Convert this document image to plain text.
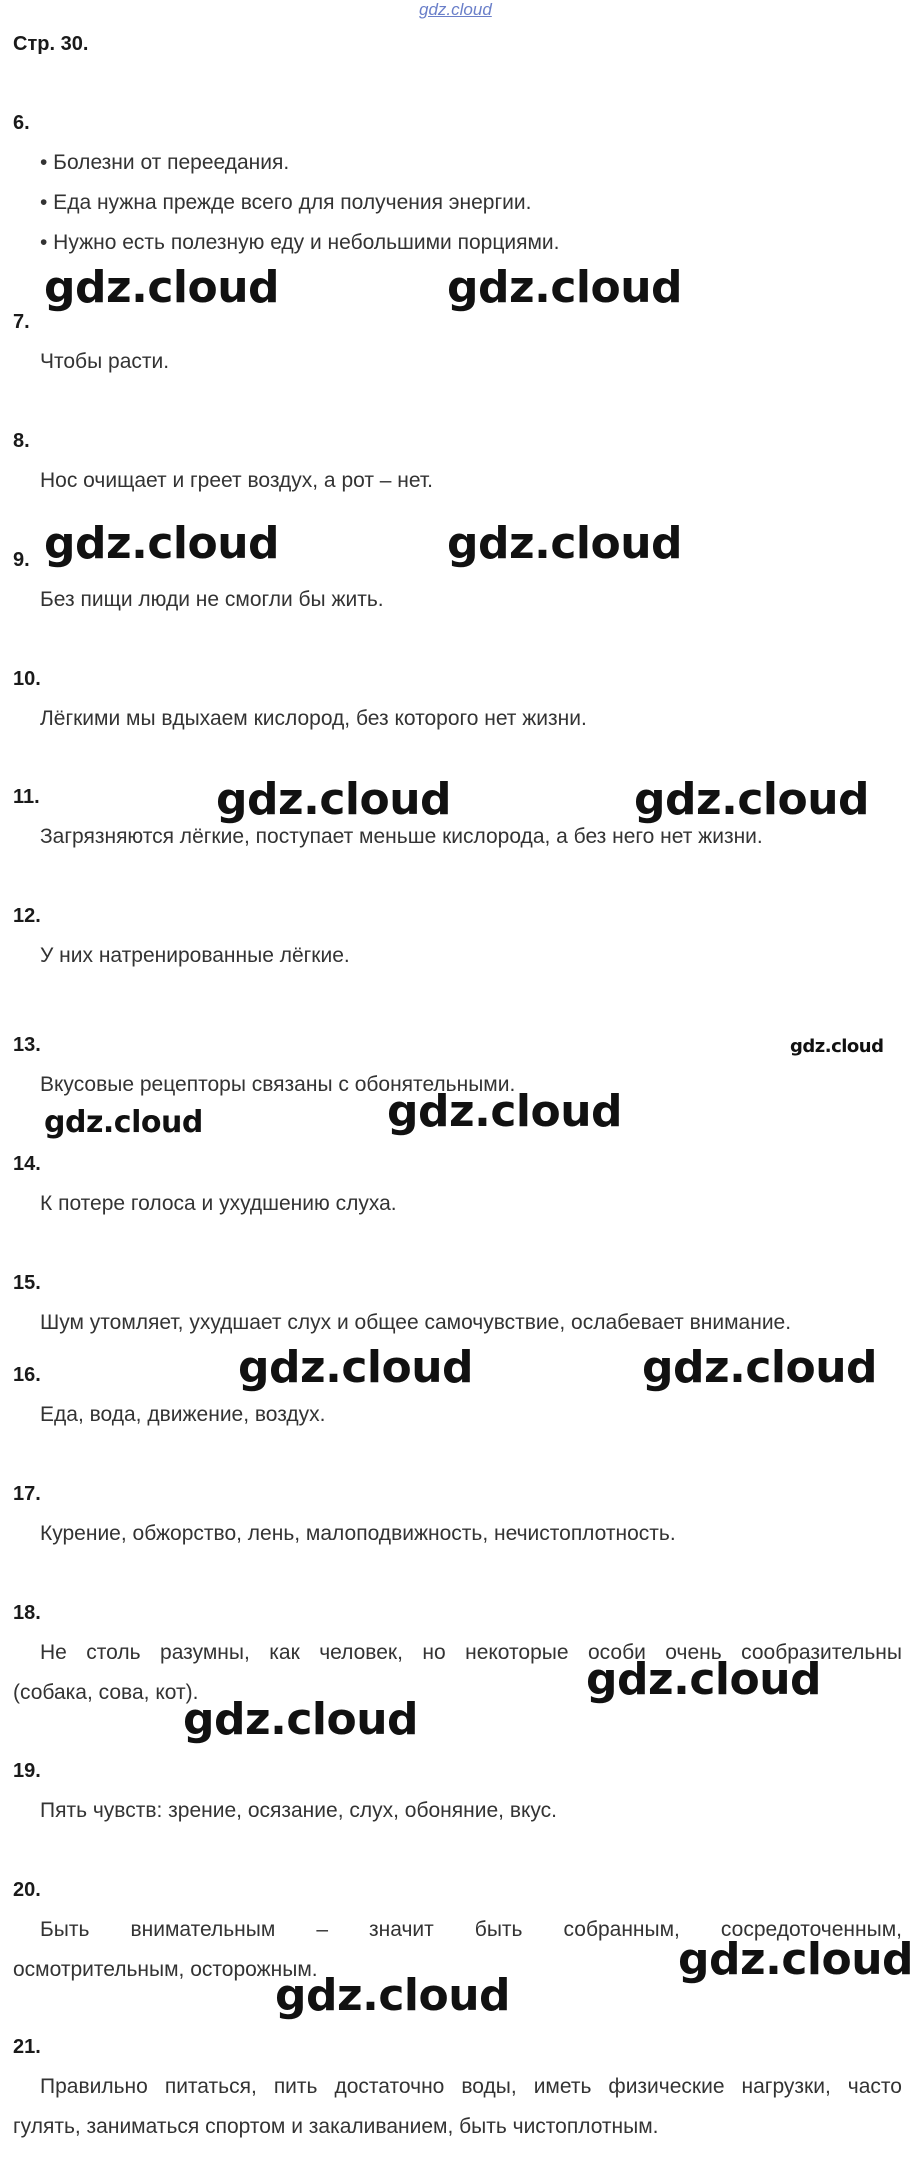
gdz.cloud
Стр. 30.
6.
• Болезни от переедания.
• Еда нужна прежде всего для получения энергии.
• Нужно есть полезную еду и небольшими порциями.
7.
Чтобы расти.
8.
Нос очищает и греет воздух, а рот – нет.
9.
Без пищи люди не смогли бы жить.
10.
Лёгкими мы вдыхаем кислород, без которого нет жизни.
11.
Загрязняются лёгкие, поступает меньше кислорода, а без него нет жизни.
12.
У них натренированные лёгкие.
13.
Вкусовые рецепторы связаны с обонятельными.
14.
К потере голоса и ухудшению слуха.
15.
Шум утомляет, ухудшает слух и общее самочувствие, ослабевает внимание.
16.
Еда, вода, движение, воздух.
17.
Курение, обжорство, лень, малоподвижность, нечистоплотность.
18.
Не столь разумны, как человек, но некоторые особи очень сообразительны
(собака, сова, кот).
19.
Пять чувств: зрение, осязание, слух, обоняние, вкус.
20.
Быть внимательным – значит быть собранным, сосредоточенным,
осмотрительным, осторожным.
21.
Правильно питаться, пить достаточно воды, иметь физические нагрузки, часто
гулять, заниматься спортом и закаливанием, быть чистоплотным.
gdz.cloud	gdz.cloud
gdz.cloud	gdz.cloud
gdz.cloud	gdz.cloud
gdz.cloud
gdz.cloud	gdz.cloud
gdz.cloud	gdz.cloud
gdz.cloud
gdz.cloud
gdz.cloud
gdz.cloud
